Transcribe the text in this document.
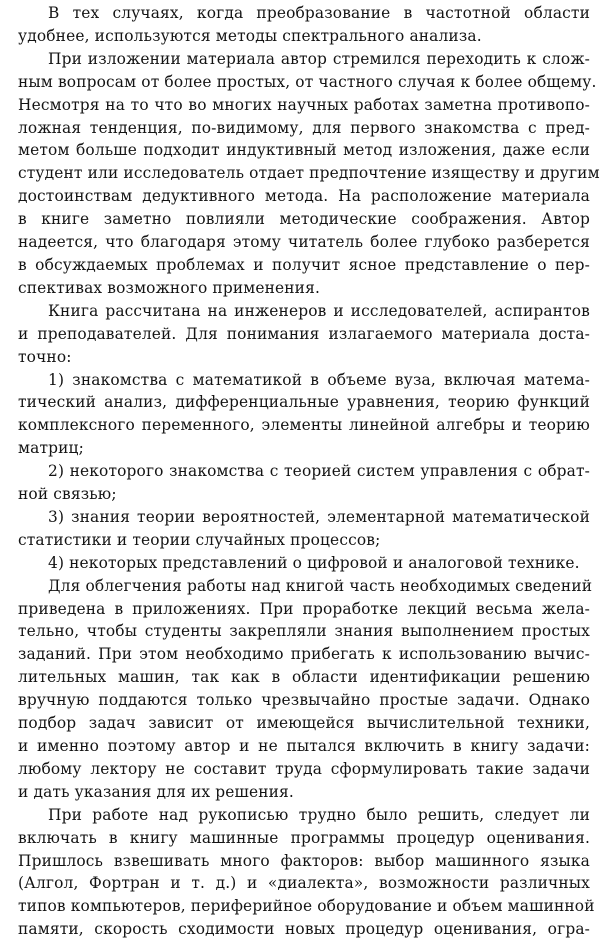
В тех случаях, когда преобразование в частотной области
удобнее, используются методы спектрального анализа.
При изложении материала автор стремился переходить к слож-
ным вопросам от более простых, от частного случая к более общему.
Несмотря на то что во многих научных работах заметна противопо-
ложная тенденция, по-видимому, для первого знакомства с пред-
метом больше подходит индуктивный метод изложения, даже если
студент или исследователь отдает предпочтение изяществу и другим
достоинствам дедуктивного метода. На расположение материала
в книге заметно повлияли методические соображения. Автор
надеется, что благодаря этому читатель более глубоко разберется
в обсуждаемых проблемах и получит ясное представление о пер-
спективах возможного применения.
Книга рассчитана на инженеров и исследователей, аспирантов
и преподавателей. Для понимания излагаемого материала доста-
точно:
1) знакомства с математикой в объеме вуза, включая матема-
тический анализ, дифференциальные уравнения, теорию функций
комплексного переменного, элементы линейной алгебры и теорию
матриц;
2) некоторого знакомства с теорией систем управления с обрат-
ной связью;
3) знания теории вероятностей, элементарной математической
статистики и теории случайных процессов;
4) некоторых представлений о цифровой и аналоговой технике.
Для облегчения работы над книгой часть необходимых сведений
приведена в приложениях. При проработке лекций весьма жела-
тельно, чтобы студенты закрепляли знания выполнением простых
заданий. При этом необходимо прибегать к использованию вычис-
лительных машин, так как в области идентификации решению
вручную поддаются только чрезвычайно простые задачи. Однако
подбор задач зависит от имеющейся вычислительной техники,
и именно поэтому автор и не пытался включить в книгу задачи:
любому лектору не составит труда сформулировать такие задачи
и дать указания для их решения.
При работе над рукописью трудно было решить, следует ли
включать в книгу машинные программы процедур оценивания.
Пришлось взвешивать много факторов: выбор машинного языка
(Алгол, Фортран и т. д.) и «диалекта», возможности различных
типов компьютеров, периферийное оборудование и объем машинной
памяти, скорость сходимости новых процедур оценивания, огра-
